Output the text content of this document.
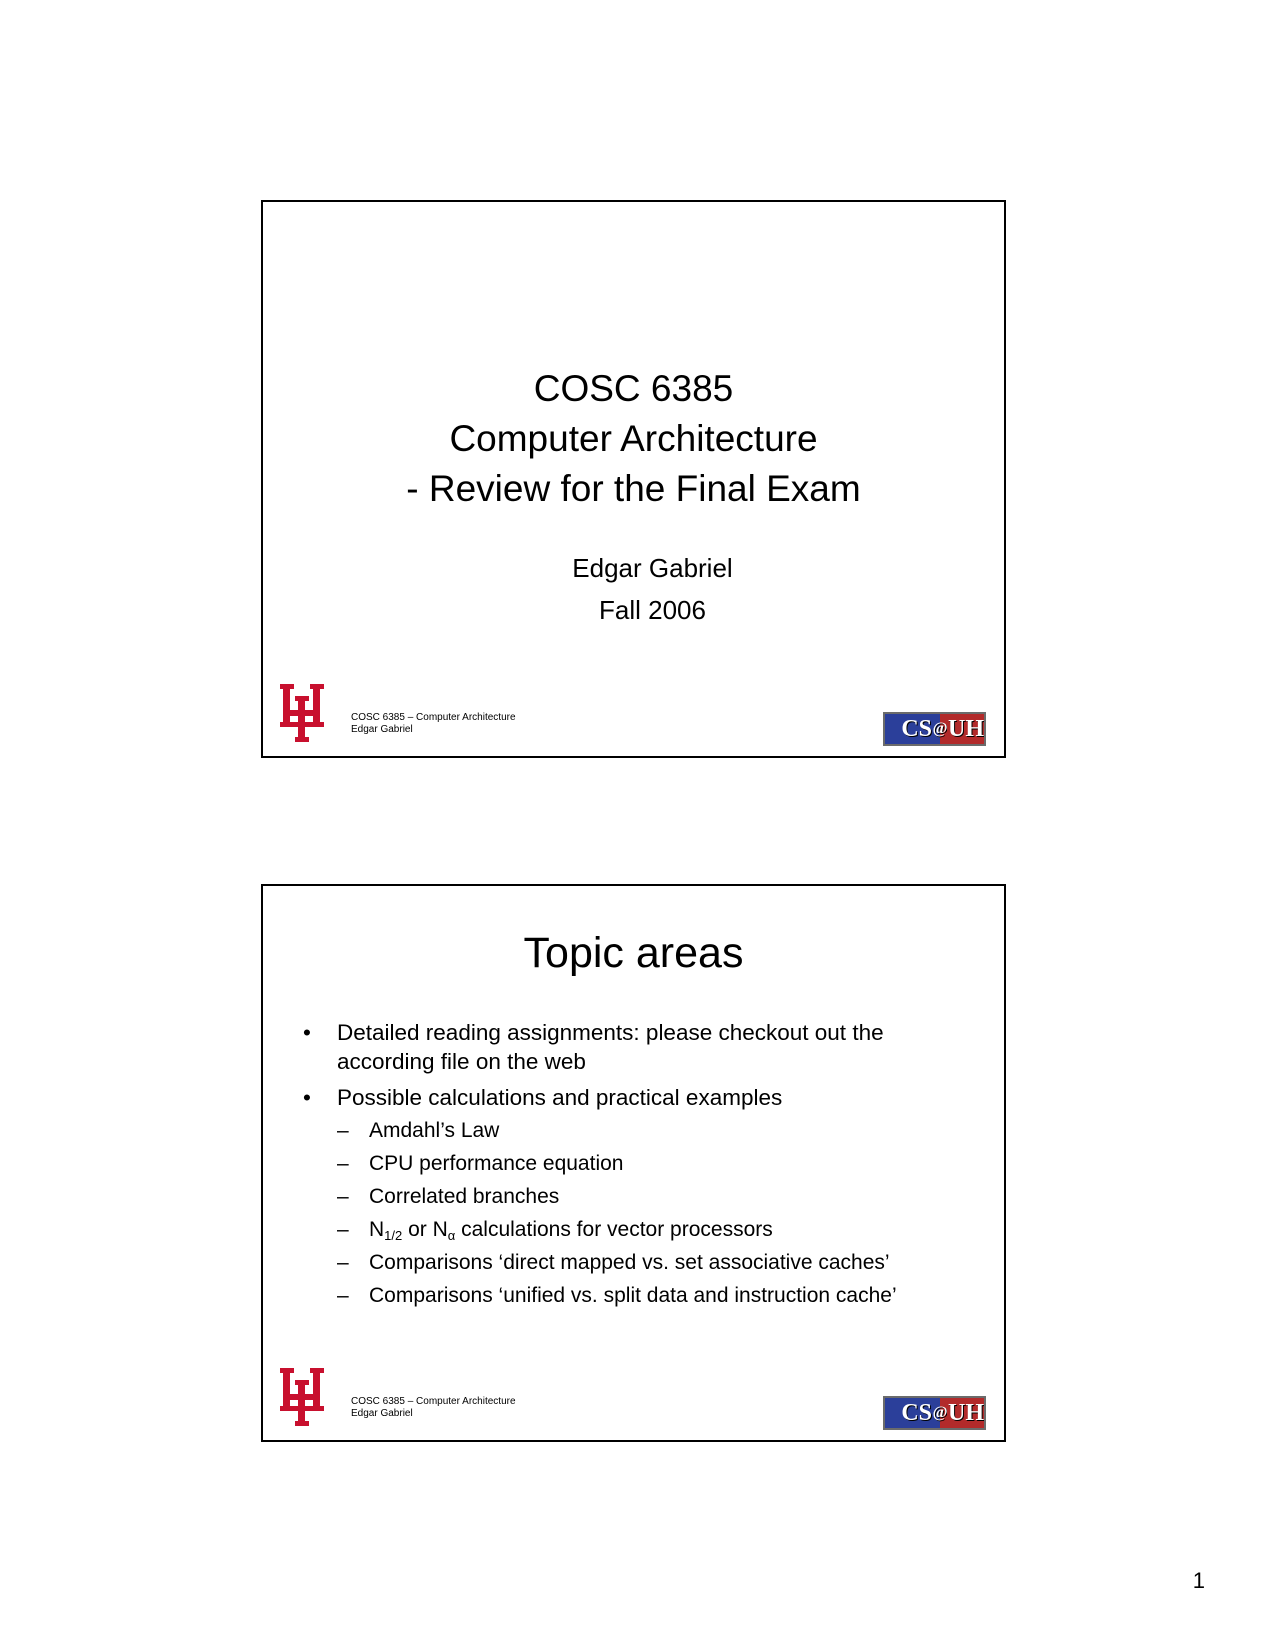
COSC 6385
Computer Architecture
- Review for the Final Exam
Edgar Gabriel
Fall 2006
COSC 6385 – Computer Architecture
Edgar Gabriel	CS @ UH
Topic areas
• Detailed reading assignments: please checkout out the according file on the web
• Possible calculations and practical examples
– Amdahl’s Law
– CPU performance equation
– Correlated branches
– $N_{1/2}$ or $N_\alpha$ calculations for vector processors
– Comparisons ‘direct mapped vs. set associative caches’
– Comparisons ‘unified vs. split data and instruction cache’
COSC 6385 – Computer Architecture
Edgar Gabriel	CS @ UH
1
